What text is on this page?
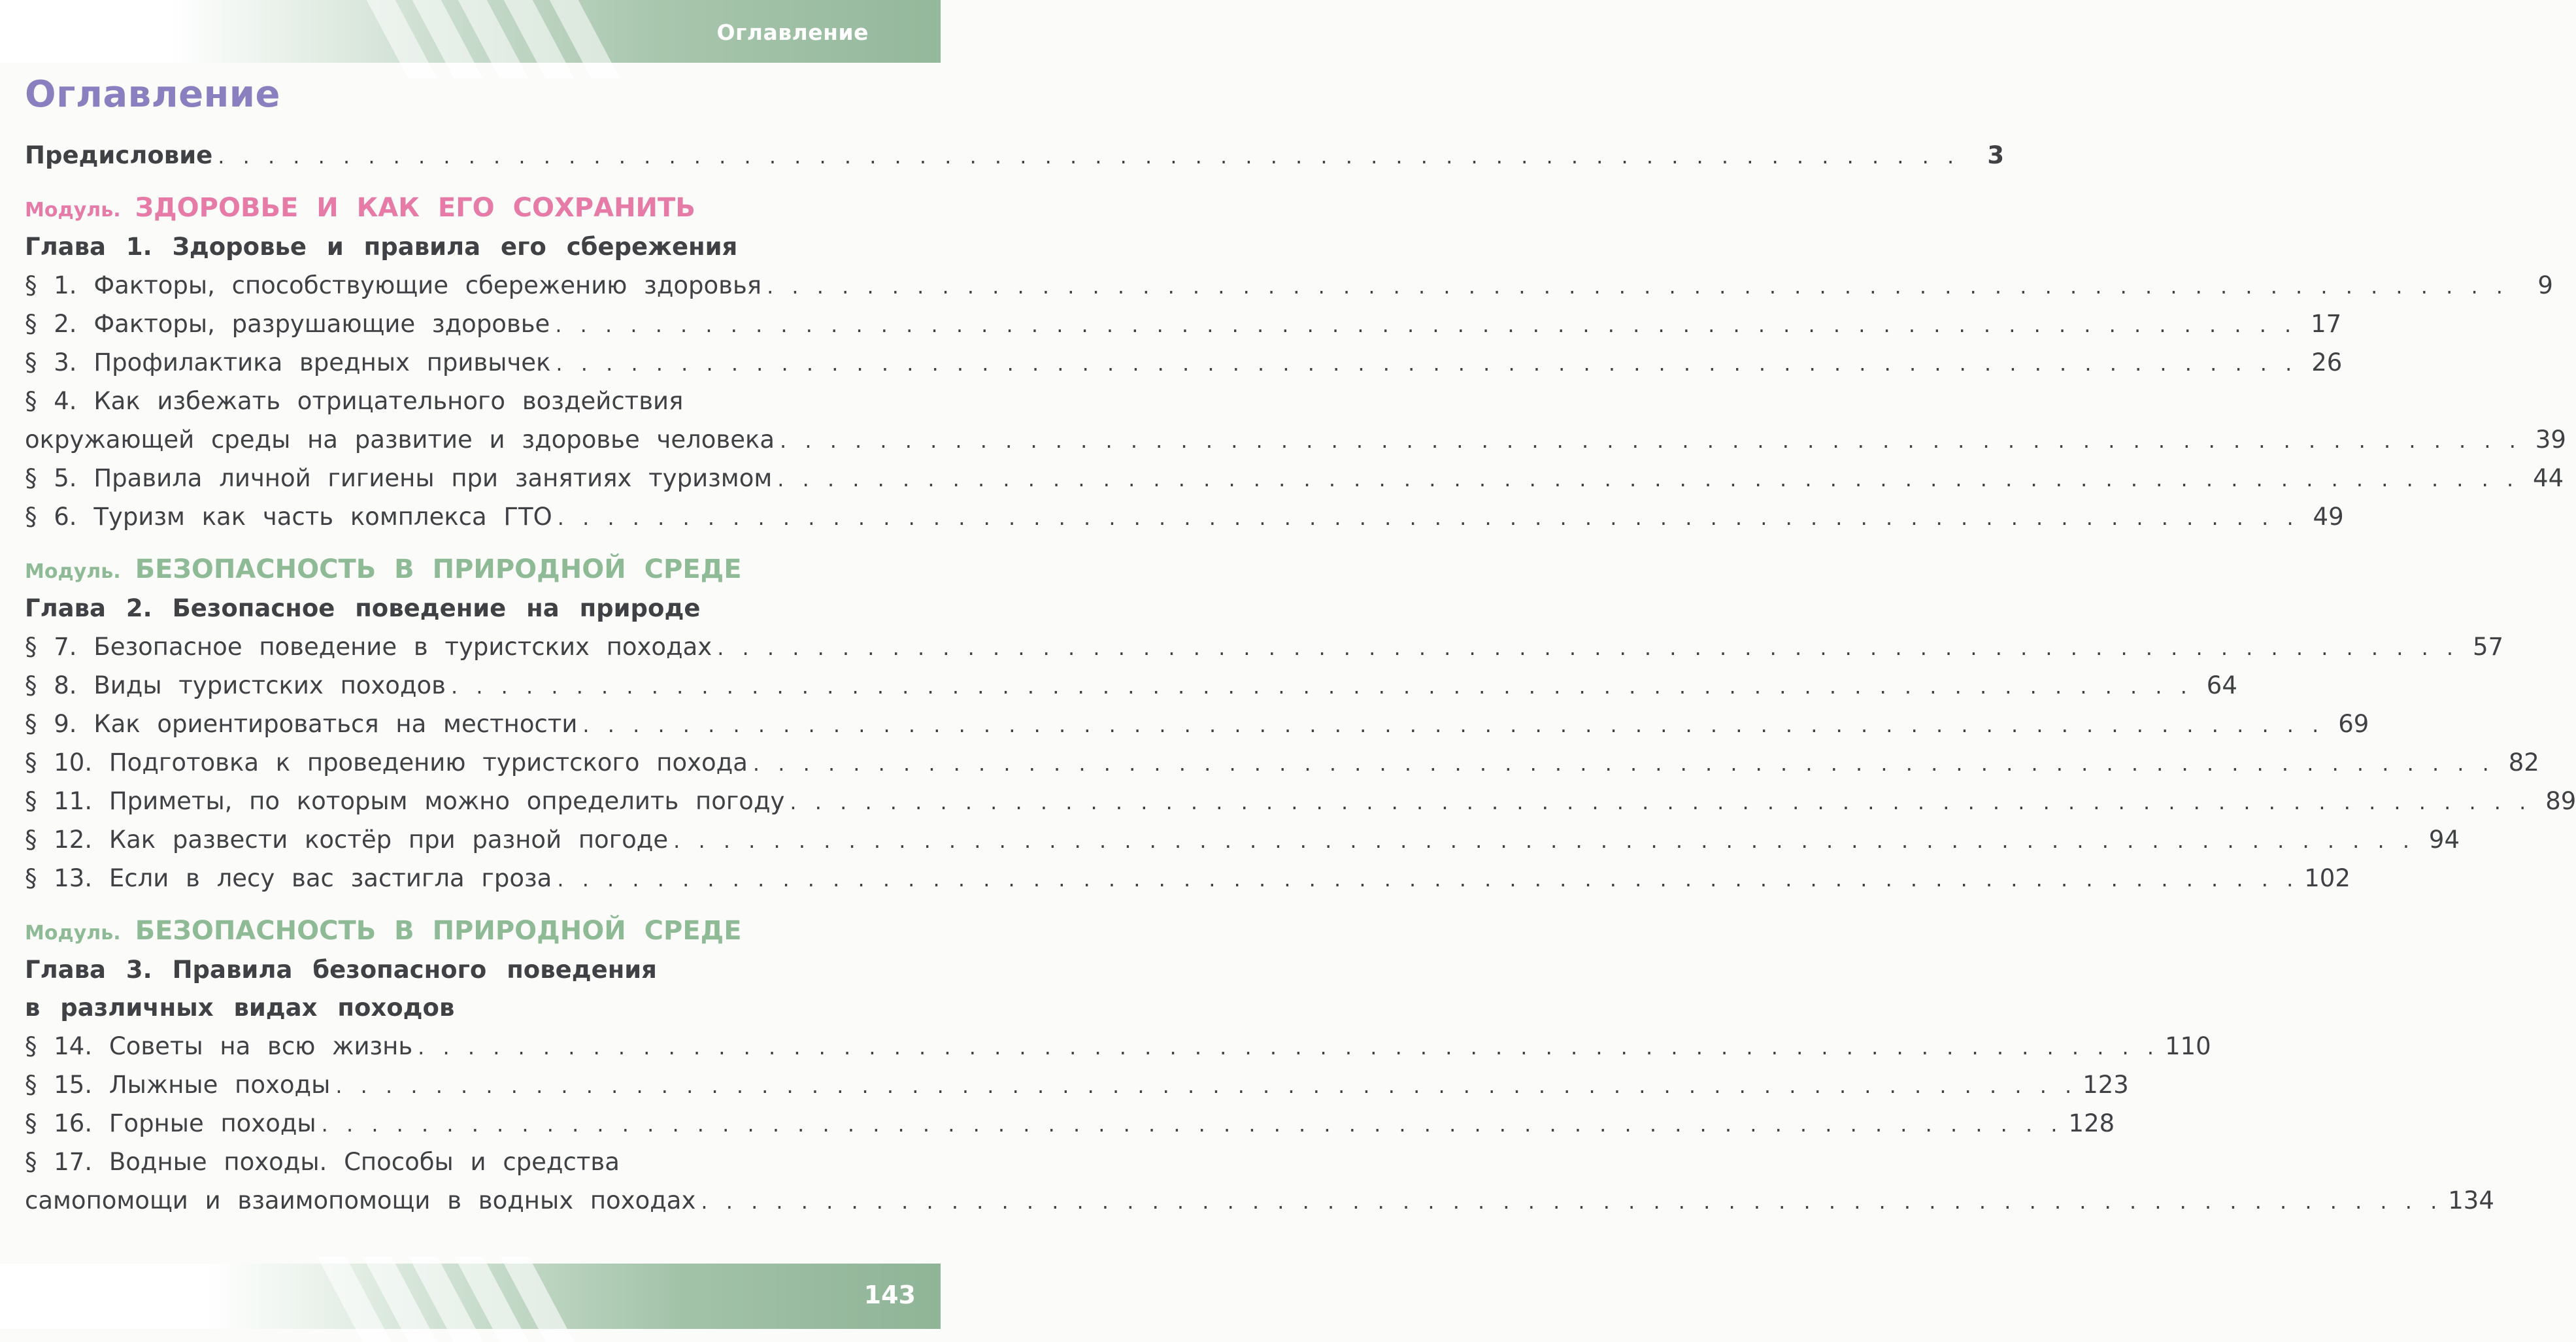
Оглавление
Оглавление
Предисловие . . . . . . . . . . . . . . . . . . . . . . . . . . . . . . . . . . . . . . . . . . . . . . . . . . . . . . . . . . . . . . . . . . . . . .	3
Модуль. ЗДОРОВЬЕ И КАК ЕГО СОХРАНИТЬ
Глава 1. Здоровье и правила его сбережения
§ 1. Факторы, способствующие сбережению здоровья . . . . . . . . . . . . . . . . . . . . . . . . . . . . . . . . . . . . . . . . . . . . . . . . . . . . . . . . . . . . . . . . . . . . . .	9
§ 2. Факторы, разрушающие здоровье . . . . . . . . . . . . . . . . . . . . . . . . . . . . . . . . . . . . . . . . . . . . . . . . . . . . . . . . . . . . . . . . . . . . . . 17
§ 3. Профилактика вредных привычек . . . . . . . . . . . . . . . . . . . . . . . . . . . . . . . . . . . . . . . . . . . . . . . . . . . . . . . . . . . . . . . . . . . . . . 26
§ 4. Как избежать отрицательного воздействия
окружающей среды на развитие и здоровье человека . . . . . . . . . . . . . . . . . . . . . . . . . . . . . . . . . . . . . . . . . . . . . . . . . . . . . . . . . . . . . . . . . . . . . . 39
§ 5. Правила личной гигиены при занятиях туризмом . . . . . . . . . . . . . . . . . . . . . . . . . . . . . . . . . . . . . . . . . . . . . . . . . . . . . . . . . . . . . . . . . . . . . . 44
§ 6. Туризм как часть комплекса ГТО . . . . . . . . . . . . . . . . . . . . . . . . . . . . . . . . . . . . . . . . . . . . . . . . . . . . . . . . . . . . . . . . . . . . . . 49
Модуль. БЕЗОПАСНОСТЬ В ПРИРОДНОЙ СРЕДЕ
Глава 2. Безопасное поведение на природе
§ 7. Безопасное поведение в туристских походах . . . . . . . . . . . . . . . . . . . . . . . . . . . . . . . . . . . . . . . . . . . . . . . . . . . . . . . . . . . . . . . . . . . . . . 57
§ 8. Виды туристских походов . . . . . . . . . . . . . . . . . . . . . . . . . . . . . . . . . . . . . . . . . . . . . . . . . . . . . . . . . . . . . . . . . . . . . . 64
§ 9. Как ориентироваться на местности . . . . . . . . . . . . . . . . . . . . . . . . . . . . . . . . . . . . . . . . . . . . . . . . . . . . . . . . . . . . . . . . . . . . . . 69
§ 10. Подготовка к проведению туристского похода . . . . . . . . . . . . . . . . . . . . . . . . . . . . . . . . . . . . . . . . . . . . . . . . . . . . . . . . . . . . . . . . . . . . . . 82
§ 11. Приметы, по которым можно определить погоду . . . . . . . . . . . . . . . . . . . . . . . . . . . . . . . . . . . . . . . . . . . . . . . . . . . . . . . . . . . . . . . . . . . . . . 89
§ 12. Как развести костёр при разной погоде . . . . . . . . . . . . . . . . . . . . . . . . . . . . . . . . . . . . . . . . . . . . . . . . . . . . . . . . . . . . . . . . . . . . . . 94
§ 13. Если в лесу вас застигла гроза . . . . . . . . . . . . . . . . . . . . . . . . . . . . . . . . . . . . . . . . . . . . . . . . . . . . . . . . . . . . . . . . . . . . . . 102
Модуль. БЕЗОПАСНОСТЬ В ПРИРОДНОЙ СРЕДЕ
Глава 3. Правила безопасного поведения
в различных видах походов
§ 14. Советы на всю жизнь . . . . . . . . . . . . . . . . . . . . . . . . . . . . . . . . . . . . . . . . . . . . . . . . . . . . . . . . . . . . . . . . . . . . . . 110
§ 15. Лыжные походы . . . . . . . . . . . . . . . . . . . . . . . . . . . . . . . . . . . . . . . . . . . . . . . . . . . . . . . . . . . . . . . . . . . . . . 123
§ 16. Горные походы . . . . . . . . . . . . . . . . . . . . . . . . . . . . . . . . . . . . . . . . . . . . . . . . . . . . . . . . . . . . . . . . . . . . . . 128
§ 17. Водные походы. Способы и средства
самопомощи и взаимопомощи в водных походах . . . . . . . . . . . . . . . . . . . . . . . . . . . . . . . . . . . . . . . . . . . . . . . . . . . . . . . . . . . . . . . . . . . . . . 134
143
